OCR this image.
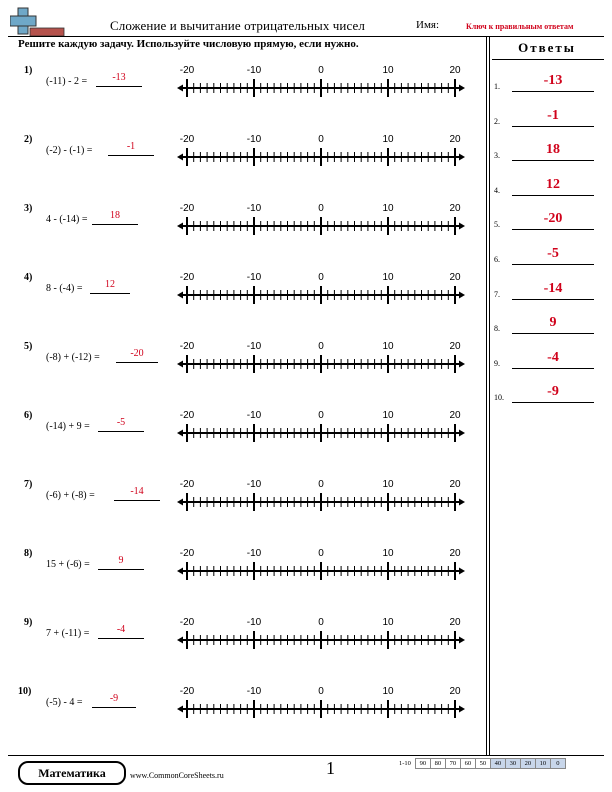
Сложение и вычитание отрицательных чисел	Имя:	Ключ к правильным ответам
Решите каждую задачу. Используйте числовую прямую, если нужно.	Ответы
1)
(-11) - 2 =	-13
-20	-10	0	10	20
2)
(-2) - (-1) =	-1
-20	-10	0	10	20
3)
4 - (-14) =	18
-20	-10	0	10	20
4)
8 - (-4) =	12
-20	-10	0	10	20
5)
(-8) + (-12) =	-20
-20	-10	0	10	20
6)
(-14) + 9 =	-5
-20	-10	0	10	20
7)
(-6) + (-8) =	-14
-20	-10	0	10	20
8)
15 + (-6) =	9
-20	-10	0	10	20
9)
7 + (-11) =	-4
-20	-10	0	10	20
10)
(-5) - 4 =	-9
-20	-10	0	10	20
1.	-13
2.	-1
3.	18
4.	12
5.	-20
6.	-5
7.	-14
8.	9
9.	-4
10.	-9
Математика	www.CommonCoreSheets.ru	1	1-10	90	80	70	60	50	40	30	20	10	0
